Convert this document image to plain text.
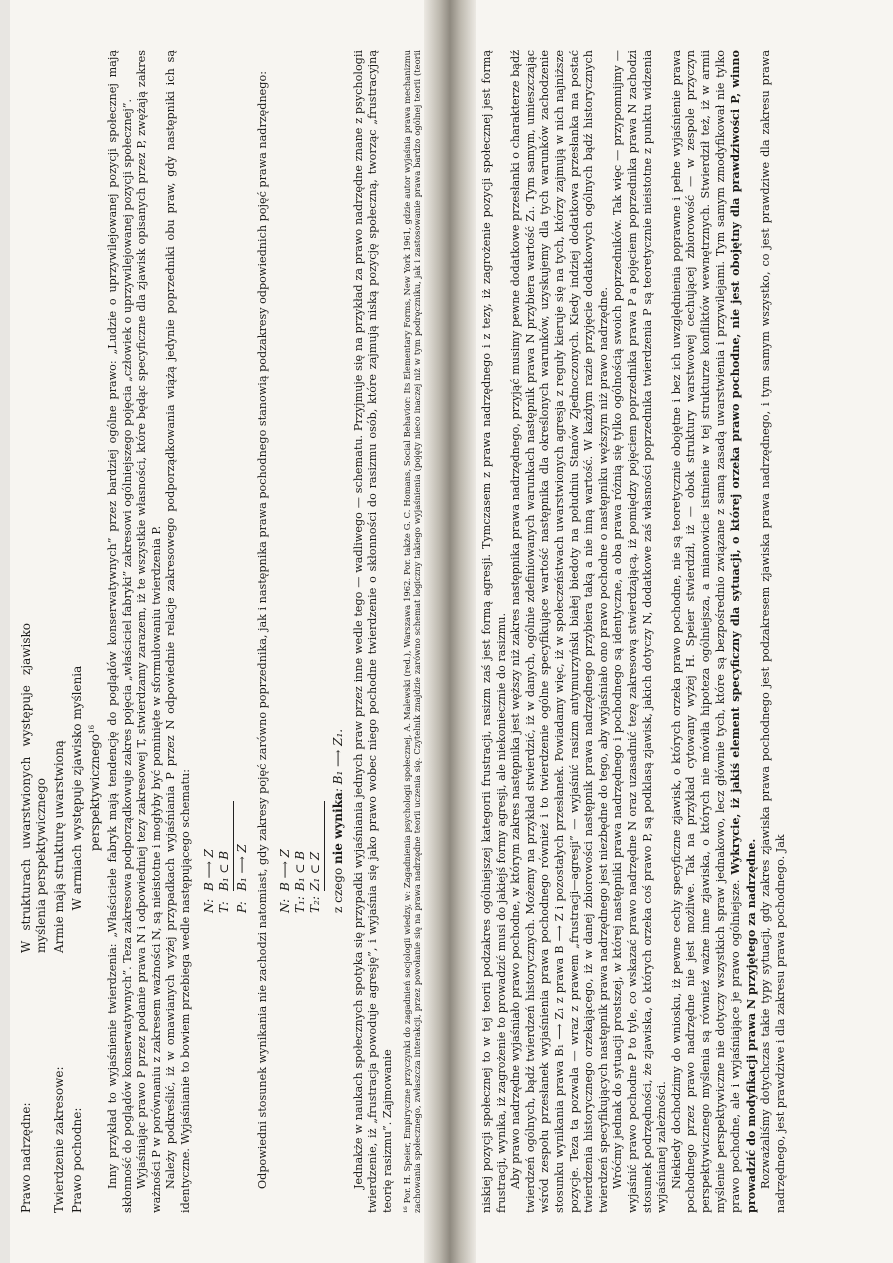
Prawo nadrzędne:
W strukturach uwarstwionych występuje zjawisko myślenia perspektywicznego
Twierdzenie zakresowe:
Armie mają strukturę uwarstwioną
Prawo pochodne:
W armiach występuje zjawisko myślenia perspektywicznego$^{16}$ Inny przykład to wyjaśnienie twierdzenia: „Właściciele fabryk mają tendencję do poglądów konserwatywnych” przez bardziej ogólne prawo: „Ludzie o uprzywilejowanej pozycji społecznej mają skłonność do poglądów konserwatywnych”. Teza zakresowa podporządkowuje zakres pojęcia „właściciel fabryki” zakresowi ogólniejszego pojęcia „człowiek o uprzywilejowanej pozycji społecznej”. Wyjaśniając prawo P przez podanie prawa N i odpowiedniej tezy zakresowej T, stwierdzamy zarazem, iż te wszystkie własności, które będąc specyficzne dla zjawisk opisanych przez P, zwężają zakres ważności P w porównaniu z zakresem ważności N, są nieistotne i mogłyby być pominięte w sformułowaniu twierdzenia P. Należy podkreślić, iż w omawianych wyżej przypadkach wyjaśniania P przez N odpowiednie relacje zakresowego podporządkowania wiążą jedynie poprzedniki obu praw, gdy następniki ich są identyczne. Wyjaśnianie to bowiem przebiega wedle następującego schematu: N:B ⟶ Z
T:B₁ ⊂ B
P:B₁ ⟶ Z Odpowiedni stosunek wynikania nie zachodzi natomiast, gdy zakresy pojęć zarówno poprzednika, jak i następnika prawa pochodnego stanowią podzakresy odpowiednich pojęć prawa nadrzędnego: N:B ⟶ Z
T₁:B₁ ⊂ B
T₂:Z₁ ⊂ Z z czego nie wynika: B₁ ⟶ Z₁. Jednakże w naukach społecznych spotyka się przypadki wyjaśniania jednych praw przez inne wedle tego — wadliwego — schematu. Przyjmuje się na przykład za prawo nadrzędne znane z psychologii twierdzenie, iż „frustracja powoduje agresję”, i wyjaśnia się jako prawo wobec niego pochodne twierdzenie o skłonności do rasizmu osób, które zajmują niską pozycję społeczną, tworząc „frustracyjną teorię rasizmu”. Zajmowanie ¹⁶ Por. H. Speier, Empiryczne przyczynki do zagadnień socjologii wiedzy, w: Zagadnienia psychologii społecznej, A. Malewski (red.), Warszawa 1962. Por. także G. C. Homans, Social Behavior: Its Elementary Forms, New York 1961, gdzie autor wyjaśnia prawa mechanizmu zachowania społecznego, zwłaszcza interakcji, przez powołanie się na prawa nadrzędne teorii uczenia się. Czytelnik znajdzie zarówno schemat logiczny takiego wyjaśnienia (pojęty nieco inaczej niż w tym podręczniku, jak i zastosowanie prawa bardzo ogólnej teorii (teorii	niskiej pozycji społecznej to w tej teorii podzakres ogólniejszej kategorii frustracji, rasizm zaś jest formą agresji. Tymczasem z prawa nadrzędnego i z tezy, iż zagrożenie pozycji społecznej jest formą frustracji, wynika, iż zagrożenie to prowadzić musi do jakiejś formy agresji, ale niekoniecznie do rasizmu. Aby prawo nadrzędne wyjaśniało prawo pochodne, w którym zakres następnika jest węższy niż zakres następnika prawa nadrzędnego, przyjąć musimy pewne dodatkowe przesłanki o charakterze bądź twierdzeń ogólnych, bądź twierdzeń historycznych. Możemy na przykład stwierdzić, iż w danych, ogólnie zdefiniowanych warunkach następnik prawa N przybiera wartość Z₁. Tym samym, umieszczając wśród zespołu przesłanek wyjaśnienia prawa pochodnego również i to twierdzenie ogólne specyfikujące wartość następnika dla określonych warunków, uzyskujemy dla tych warunków zachodzenie stosunku wynikania prawa B₁ ⟶ Z₁ z prawa B ⟶ Z i pozostałych przesłanek. Powiadamy więc, iż w społeczeństwach uwarstwionych agresja z reguły kieruje się na tych, którzy zajmują w nich najniższe pozycje. Teza ta pozwala — wraz z prawem „frustracji—agresji” — wyjaśnić rasizm antymurzyński białej biedoty na południu Stanów Zjednoczonych. Kiedy indziej dodatkowa przesłanka ma postać twierdzenia historycznego orzekającego, iż w danej zbiorowości następnik prawa nadrzędnego przybiera taką a nie inną wartość. W każdym razie przyjęcie dodatkowych ogólnych bądź historycznych twierdzeń specyfikujących następnik prawa nadrzędnego jest niezbędne do tego, aby wyjaśniało ono prawo pochodne o następniku węższym niż prawo nadrzędne. Wróćmy jednak do sytuacji prostszej, w której następniki prawa nadrzędnego i pochodnego są identyczne, a oba prawa różnią się tylko ogólnością swoich poprzedników. Tak więc — przypomnijmy — wyjaśnić prawo pochodne P to tyle, co wskazać prawo nadrzędne N oraz uzasadnić tezę zakresową stwierdzającą, iż pomiędzy pojęciem poprzednika prawa P a pojęciem poprzednika prawa N zachodzi stosunek podrzędności, że zjawiska, o których orzeka coś prawo P, są podklasą zjawisk, jakich dotyczy N, dodatkowe zaś własności poprzednika twierdzenia P są teoretycznie nieistotne z punktu widzenia wyjaśnianej zależności. Niekiedy dochodzimy do wniosku, iż pewne cechy specyficzne zjawisk, o których orzeka prawo pochodne, nie są teoretycznie obojętne i bez ich uwzględnienia poprawne i pełne wyjaśnienie prawa pochodnego przez prawo nadrzędne nie jest możliwe. Tak na przykład cytowany wyżej H. Speier stwierdził, iż — obok struktury warstwowej cechującej zbiorowość — w zespole przyczyn perspektywicznego myślenia są również ważne inne zjawiska, o których nie mówiła hipoteza ogólniejsza, a mianowicie istnienie w tej strukturze konfliktów wewnętrznych. Stwierdził też, iż w armii myślenie perspektywiczne nie dotyczy wszystkich spraw jednakowo, lecz głównie tych, które są bezpośrednio związane z samą zasadą uwarstwienia i przywilejami. Tym samym zmodyfikował nie tylko prawo pochodne, ale i wyjaśniające je prawo ogólniejsze. Wykrycie, iż jakiś element specyficzny dla sytuacji, o której orzeka prawo pochodne, nie jest obojętny dla prawdziwości P, winno prowadzić do modyfikacji prawa N przyjętego za nadrzędne. Rozważaliśmy dotychczas takie typy sytuacji, gdy zakres zjawiska prawa pochodnego jest podzakresem zjawiska prawa nadrzędnego, i tym samym wszystko, co jest prawdziwe dla zakresu prawa nadrzędnego, jest prawdziwe i dla zakresu prawa pochodnego. Jak
